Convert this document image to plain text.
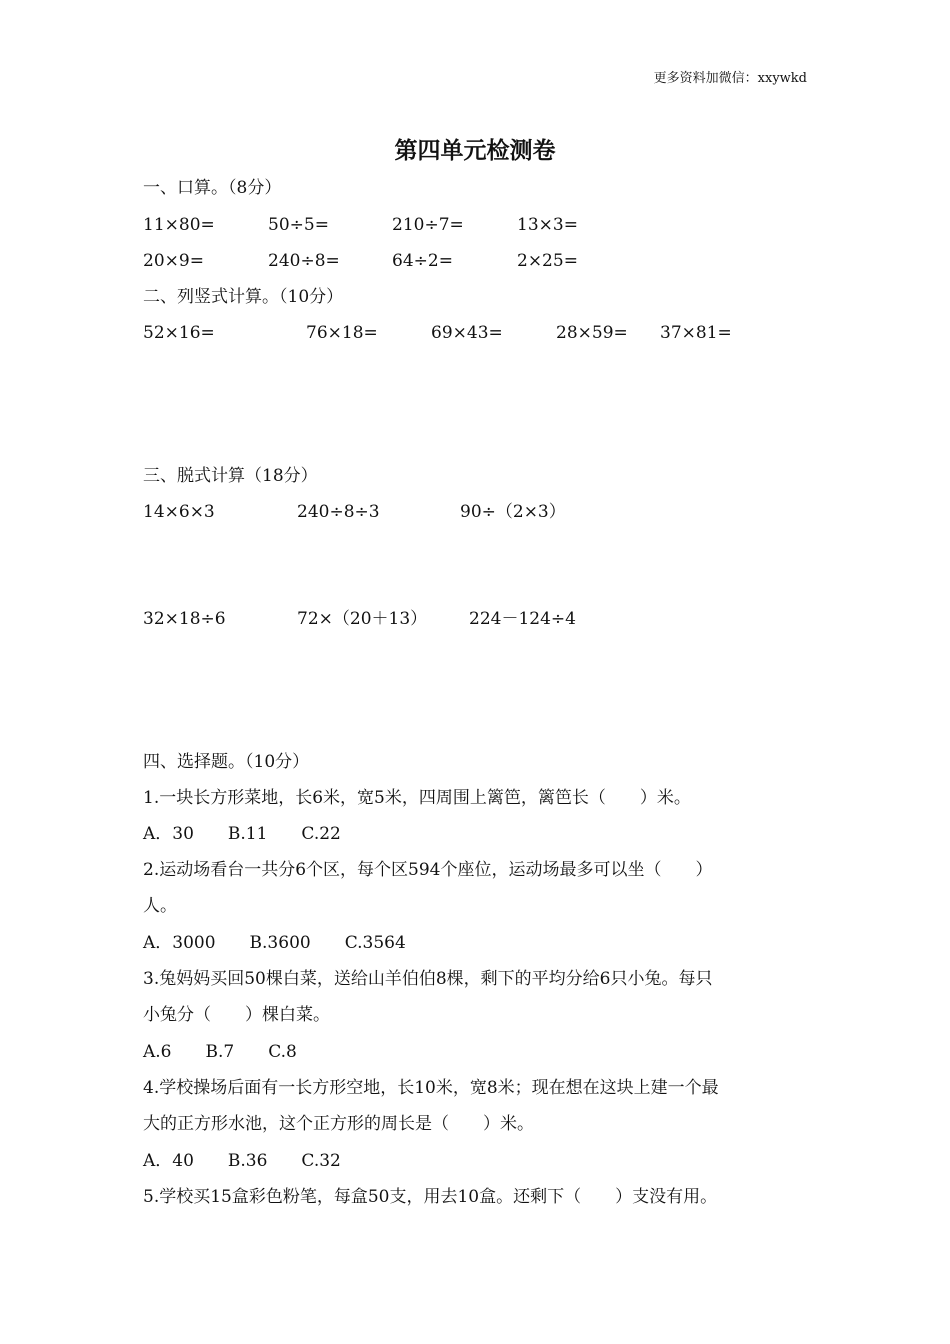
更多资料加微信：xxywkd
第四单元检测卷
一、口算。（8分）
11×80=	50÷5=	210÷7=	13×3=
20×9=	240÷8=	64÷2=	2×25=
二、列竖式计算。（10分）
52×16=	76×18=	69×43=	28×59= 37×81=
三、脱式计算（18分）
14×6×3	240÷8÷3	90÷（2×3）
32×18÷6	72×（20＋13） 224－124÷4
四、选择题。（10分）
1.一块长方形菜地，长6米，宽5米，四周围上篱笆，篱笆长（　　）米。
A．30　　B.11　　C.22
2.运动场看台一共分6个区，每个区594个座位，运动场最多可以坐（　　）
人。
A．3000　　B.3600　　C.3564
3.兔妈妈买回50棵白菜，送给山羊伯伯8棵，剩下的平均分给6只小兔。每只
小兔分（　　）棵白菜。
A.6　　B.7　　C.8
4.学校操场后面有一长方形空地，长10米，宽8米；现在想在这块上建一个最
大的正方形水池，这个正方形的周长是（　　）米。
A．40　　B.36　　C.32
5.学校买15盒彩色粉笔，每盒50支，用去10盒。还剩下（　　）支没有用。
